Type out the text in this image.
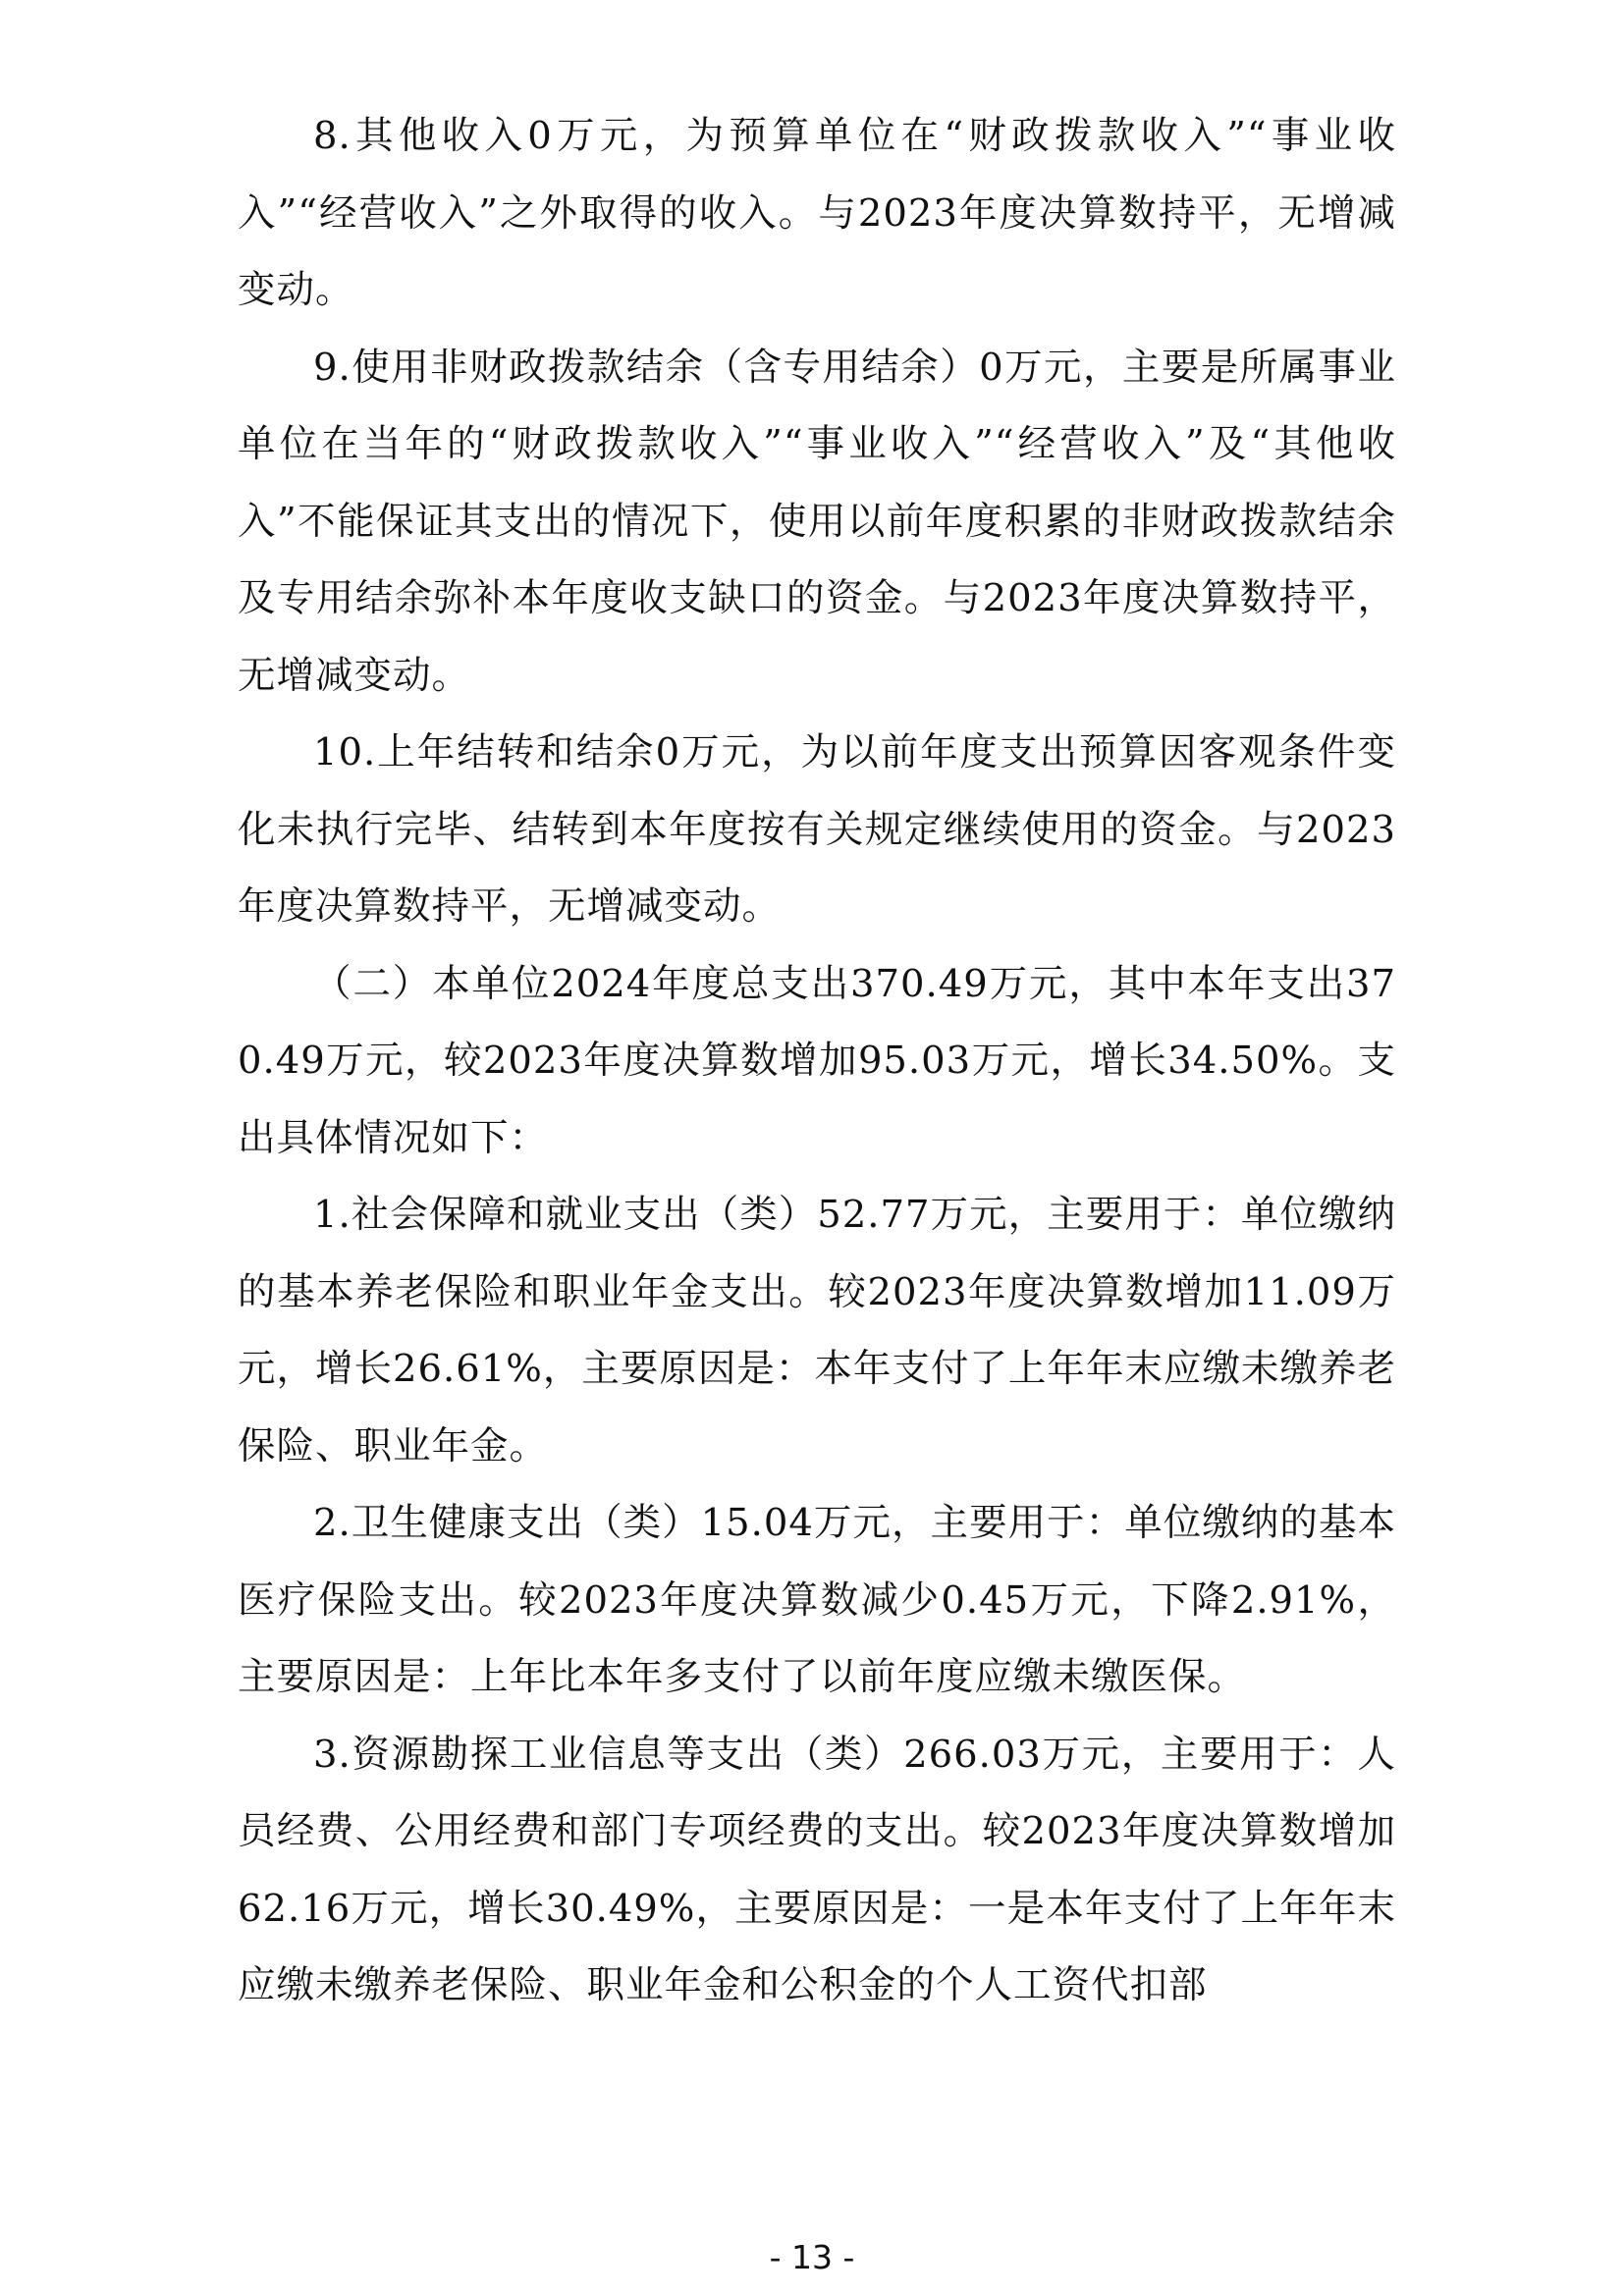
8.其他收入0万元，为预算单位在“财政拨款收入”“事业收入”“经营收入”之外取得的收入。与2023年度决算数持平，无增减变动。

9.使用非财政拨款结余（含专用结余）0万元，主要是所属事业单位在当年的“财政拨款收入”“事业收入”“经营收入”及“其他收入”不能保证其支出的情况下，使用以前年度积累的非财政拨款结余及专用结余弥补本年度收支缺口的资金。与2023年度决算数持平，无增减变动。

10.上年结转和结余0万元，为以前年度支出预算因客观条件变化未执行完毕、结转到本年度按有关规定继续使用的资金。与2023年度决算数持平，无增减变动。

（二）本单位2024年度总支出370.49万元，其中本年支出370.49万元，较2023年度决算数增加95.03万元，增长34.50%。支出具体情况如下：

1.社会保障和就业支出（类）52.77万元，主要用于：单位缴纳的基本养老保险和职业年金支出。较2023年度决算数增加11.09万元，增长26.61%，主要原因是：本年支付了上年年末应缴未缴养老保险、职业年金。

2.卫生健康支出（类）15.04万元，主要用于：单位缴纳的基本医疗保险支出。较2023年度决算数减少0.45万元，下降2.91%，主要原因是：上年比本年多支付了以前年度应缴未缴医保。

3.资源勘探工业信息等支出（类）266.03万元，主要用于：人员经费、公用经费和部门专项经费的支出。较2023年度决算数增加62.16万元，增长30.49%，主要原因是：一是本年支付了上年年末应缴未缴养老保险、职业年金和公积金的个人工资代扣部

- 13 -
